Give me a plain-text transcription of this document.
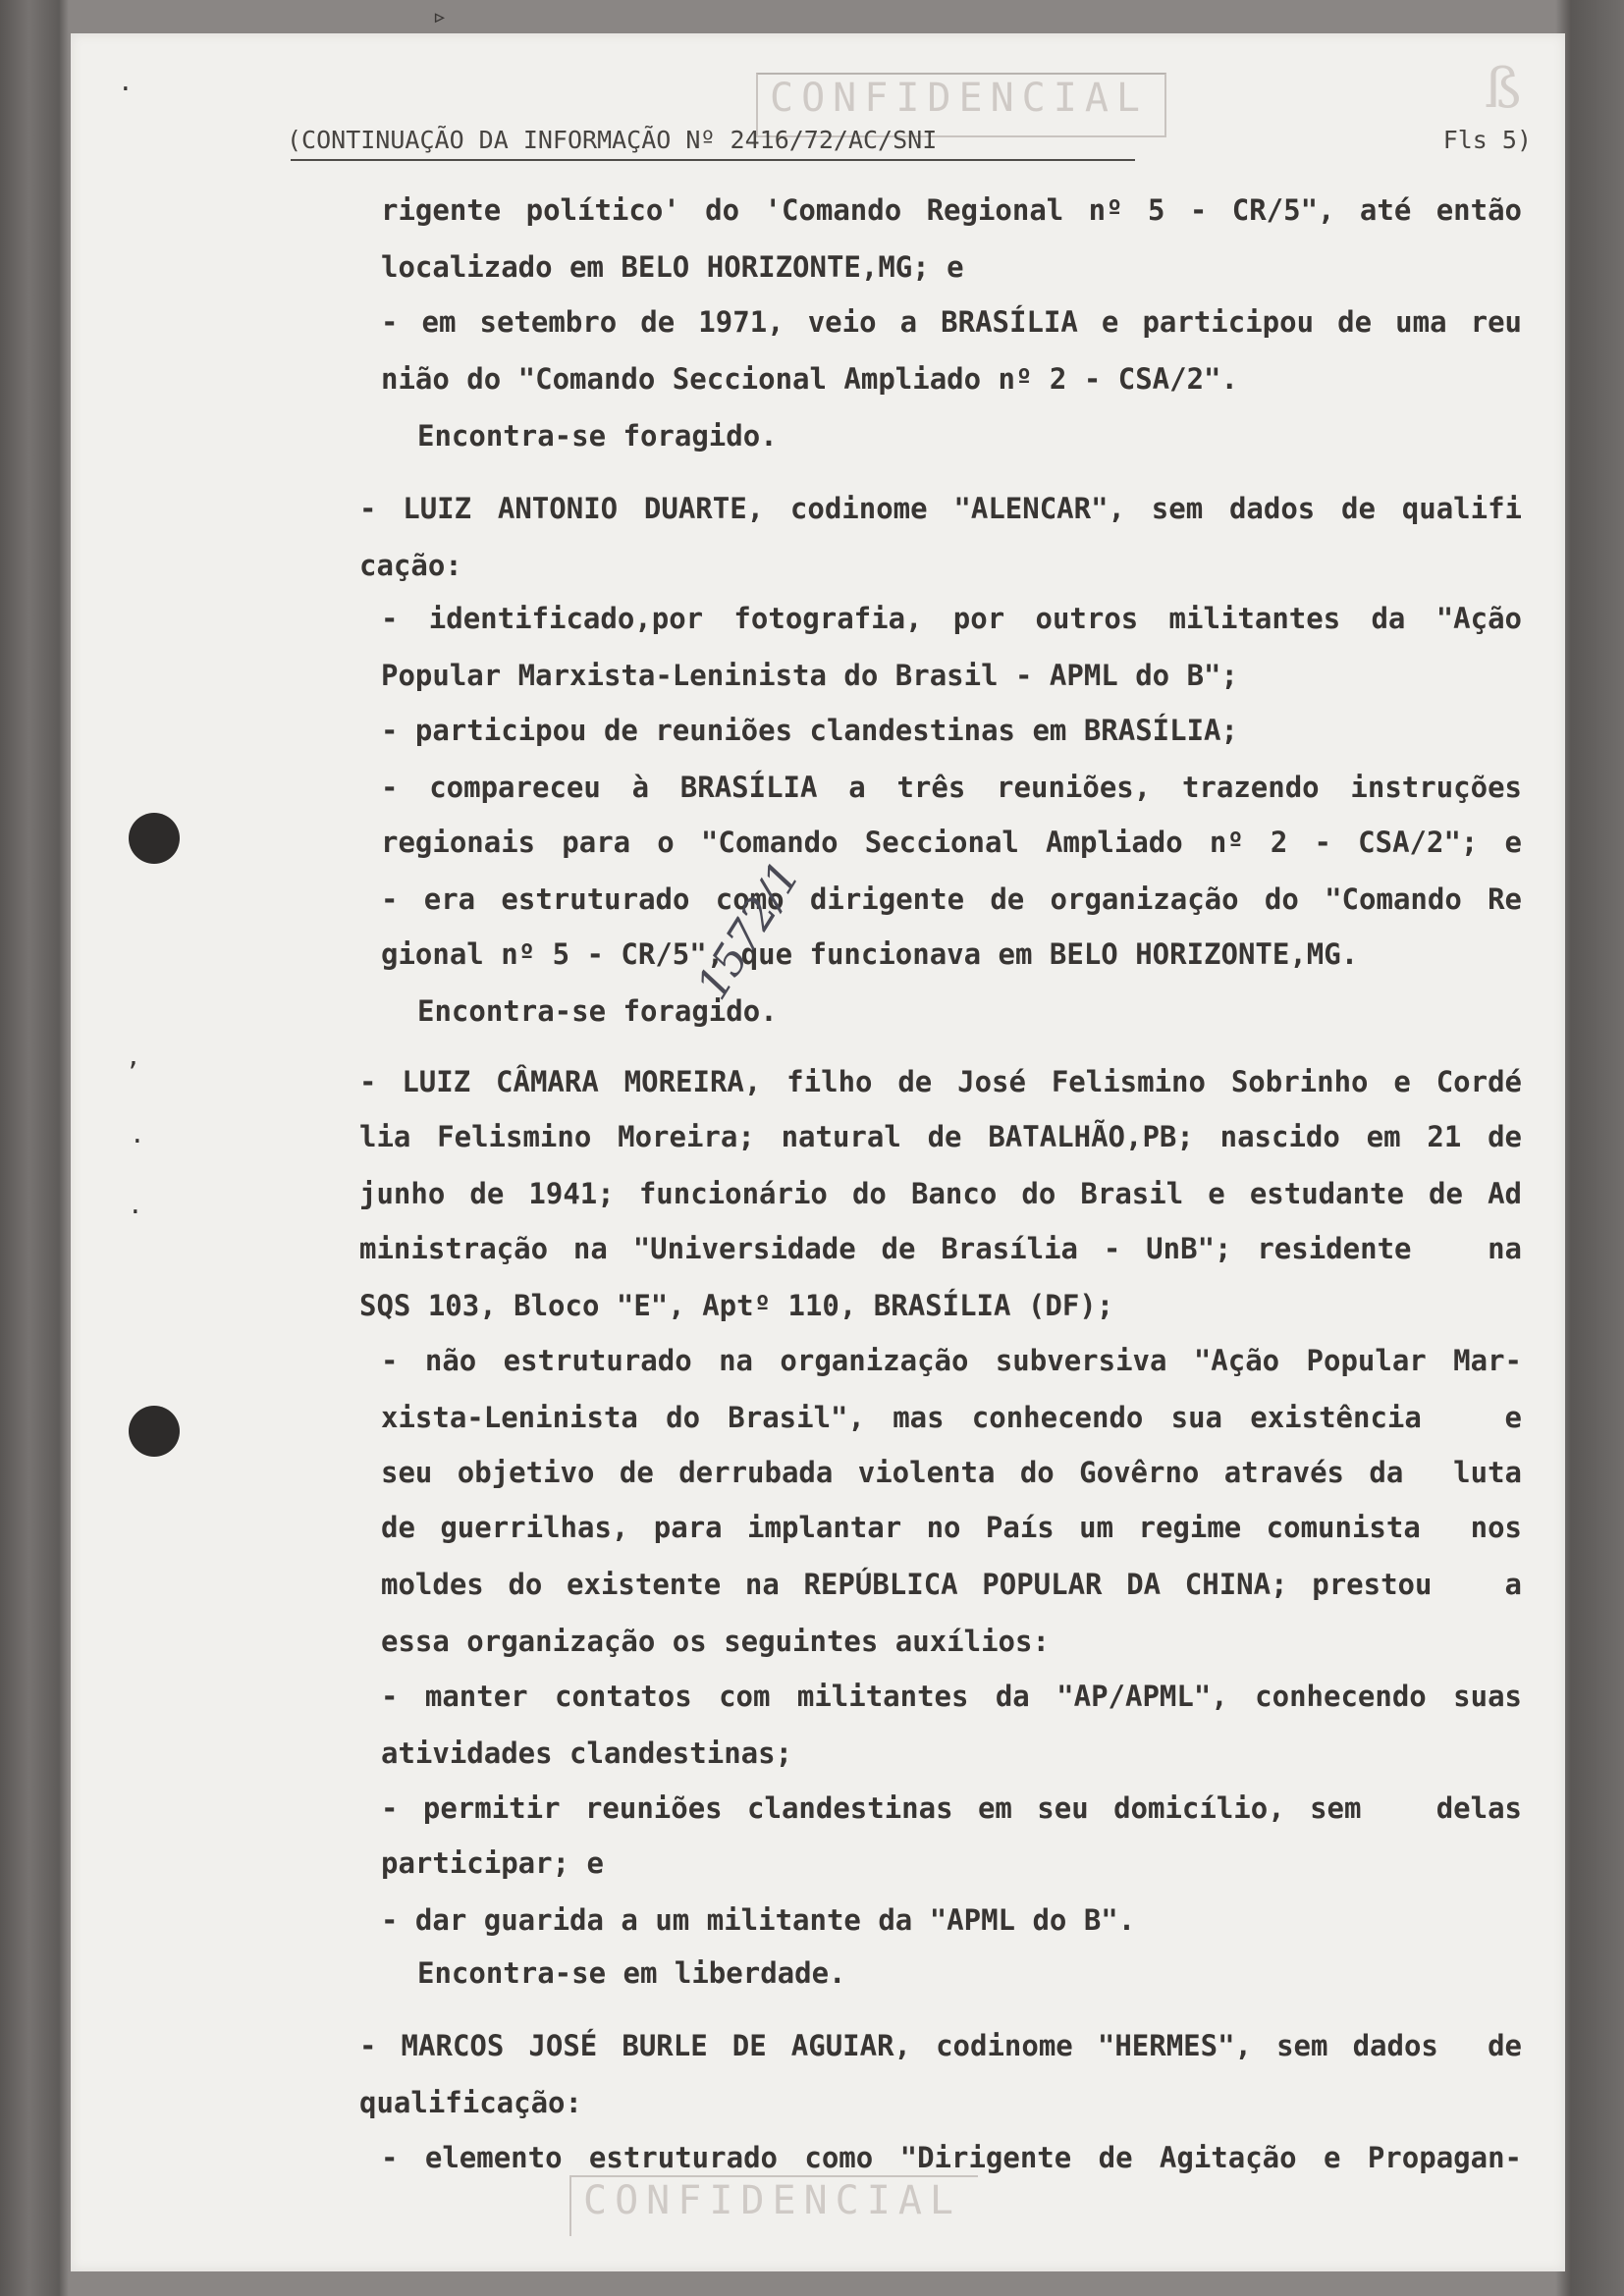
·
,
·
·
▹
CONFIDENCIAL
CONFIDENCIAL
ß
(CONTINUAÇÃO DA INFORMAÇÃO Nº 2416/72/AC/SNI	Fls 5)
rigente político' do 'Comando Regional nº 5 - CR/5", até então
localizado em BELO HORIZONTE,MG; e
- em setembro de 1971, veio a BRASÍLIA e participou de uma reu
nião do "Comando Seccional Ampliado nº 2 - CSA/2".
Encontra-se foragido.
- LUIZ ANTONIO DUARTE, codinome "ALENCAR", sem dados de qualifi
cação:
- identificado,por fotografia, por outros militantes da "Ação
Popular Marxista-Leninista do Brasil - APML do B";
- participou de reuniões clandestinas em BRASÍLIA;
- compareceu à BRASÍLIA a três reuniões, trazendo instruções
regionais para o "Comando Seccional Ampliado nº 2 - CSA/2"; e
- era estruturado como dirigente de organização do "Comando Re
gional nº 5 - CR/5", que funcionava em BELO HORIZONTE,MG.
Encontra-se foragido.
- LUIZ CÂMARA MOREIRA, filho de José Felismino Sobrinho e Cordé
lia Felismino Moreira; natural de BATALHÃO,PB; nascido em 21 de
junho de 1941; funcionário do Banco do Brasil e estudante de Ad
ministração na "Universidade de Brasília - UnB"; residente   na
SQS 103, Bloco "E", Aptº 110, BRASÍLIA (DF);
- não estruturado na organização subversiva "Ação Popular Mar-
xista-Leninista do Brasil", mas conhecendo sua existência   e
seu objetivo de derrubada violenta do Govêrno através da  luta
de guerrilhas, para implantar no País um regime comunista  nos
moldes do existente na REPÚBLICA POPULAR DA CHINA; prestou   a
essa organização os seguintes auxílios:
- manter contatos com militantes da "AP/APML", conhecendo suas
atividades clandestinas;
- permitir reuniões clandestinas em seu domicílio, sem   delas
participar; e
- dar guarida a um militante da "APML do B".
Encontra-se em liberdade.
- MARCOS JOSÉ BURLE DE AGUIAR, codinome "HERMES", sem dados  de
qualificação:
- elemento estruturado como "Dirigente de Agitação e Propagan-
1572/1
